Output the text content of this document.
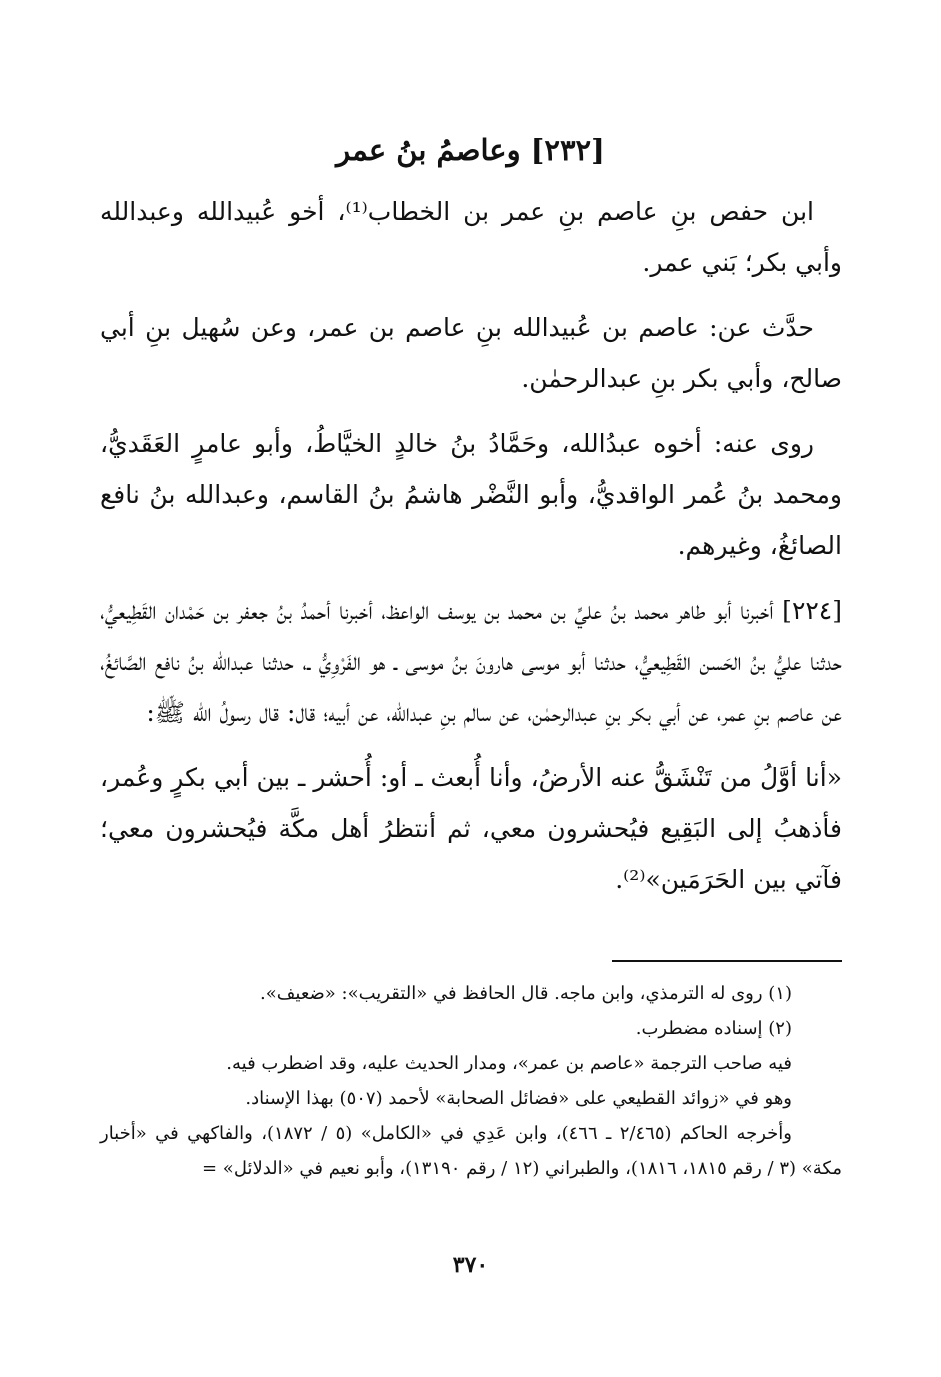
[٢٣٢] وعاصمُ بنُ عمر

ابن حفص بنِ عاصم بنِ عمر بن الخطاب⁽¹⁾، أخو عُبيدالله وعبدالله وأبي بكر؛ بَني عمر.

حدَّث عن: عاصم بن عُبيدالله بنِ عاصم بن عمر، وعن سُهيل بنِ أبي صالح، وأبي بكر بنِ عبدالرحمٰن.

روى عنه: أخوه عبدُالله، وحَمَّادُ بنُ خالدٍ الخيَّاطُ، وأبو عامرٍ العَقَديُّ، ومحمد بنُ عُمر الواقديُّ، وأبو النَّضْر هاشمُ بنُ القاسم، وعبدالله بنُ نافع الصائغُ، وغيرهم.

[٢٢٤] أخبرنا أبو طاهر محمد بنُ عليِّ بن محمد بن يوسف الواعظ، أخبرنا أحمدُ بنُ جعفر بن حَمْدان القَطِيعيُّ، حدثنا عليُّ بنُ الحَسن القَطِيعيُّ، حدثنا أبو موسى هارونَ بنُ موسى ـ هو الفَرْوِيُّ ـ، حدثنا عبدالله بنُ نافع الصَّائغُ، عن عاصم بنِ عمر، عن أبي بكر بنِ عبدالرحمٰن، عن سالم بنِ عبدالله، عن أبيه؛ قال: قال رسولُ الله ﷺ:

«أنا أوَّلُ من تَنْشَقُّ عنه الأرضُ، وأنا أُبعث ـ أو: أُحشر ـ بين أبي بكرٍ وعُمر، فأذهبُ إلى البَقِيع فيُحشرون معي، ثم أنتظرُ أهل مكَّة فيُحشرون معي؛ فآتي بين الحَرَمَين»⁽²⁾.

(١) روى له الترمذي، وابن ماجه. قال الحافظ في «التقريب»: «ضعيف».

(٢) إسناده مضطرب.

فيه صاحب الترجمة «عاصم بن عمر»، ومدار الحديث عليه، وقد اضطرب فيه.

وهو في «زوائد القطيعي على «فضائل الصحابة» لأحمد (٥٠٧) بهذا الإسناد.

وأخرجه الحاكم (٢/٤٦٥ ـ ٤٦٦)، وابن عَدِي في «الكامل» (٥ / ١٨٧٢)، والفاكهي في «أخبار مكة» (٣ / رقم ١٨١٥، ١٨١٦)، والطبراني (١٢ / رقم ١٣١٩٠)، وأبو نعيم في «الدلائل» =

٣٧٠
